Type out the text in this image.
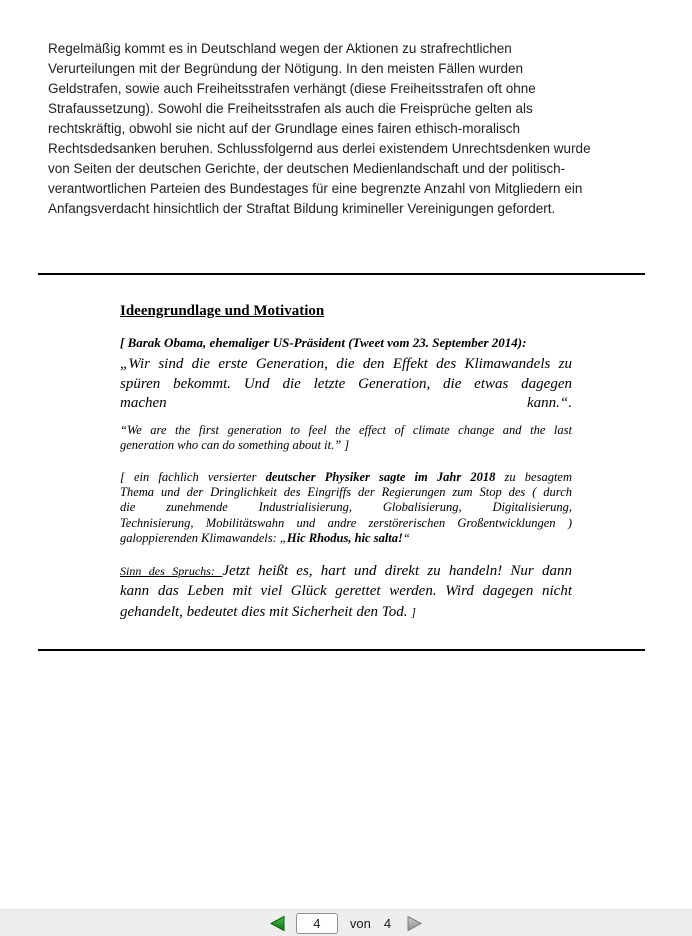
Regelmäßig kommt es in Deutschland wegen der Aktionen zu strafrechtlichen
Verurteilungen mit der Begründung der Nötigung. In den meisten Fällen wurden
Geldstrafen, sowie auch Freiheitsstrafen verhängt (diese Freiheitsstrafen oft ohne
Strafaussetzung). Sowohl die Freiheitsstrafen als auch die Freisprüche gelten als
rechtskräftig, obwohl sie nicht auf der Grundlage eines fairen ethisch-moralisch
Rechtsdedsanken beruhen. Schlussfolgernd aus derlei existendem Unrechtsdenken wurde
von Seiten der deutschen Gerichte, der deutschen Medienlandschaft und der politisch-
verantwortlichen Parteien des Bundestages für eine begrenzte Anzahl von Mitgliedern ein
Anfangsverdacht hinsichtlich der Straftat Bildung krimineller Vereinigungen gefordert.
Ideengrundlage und Motivation
[ Barak Obama, ehemaliger US-Präsident (Tweet vom 23. September 2014):
„Wir sind die erste Generation, die den Effekt des Klimawandels zu
spüren bekommt. Und die letzte Generation, die etwas dagegen
machen kann.“.
“We are the first generation to feel the effect of climate change and the last
generation who can do something about it.” ]
[ ein fachlich versierter deutscher Physiker sagte im Jahr 2018 zu besagtem
Thema und der Dringlichkeit des Eingriffs der Regierungen zum Stop des ( durch
die zunehmende Industrialisierung, Globalisierung, Digitalisierung,
Technisierung, Mobilitätswahn und andre zerstörerischen Großentwicklungen )
galoppierenden Klimawandels: „Hic Rhodus, hic salta!“
Sinn des Spruchs: Jetzt heißt es, hart und direkt zu handeln! Nur dann
kann das Leben mit viel Glück gerettet werden. Wird dagegen nicht
gehandelt, bedeutet dies mit Sicherheit den Tod. ]
4
von 4
